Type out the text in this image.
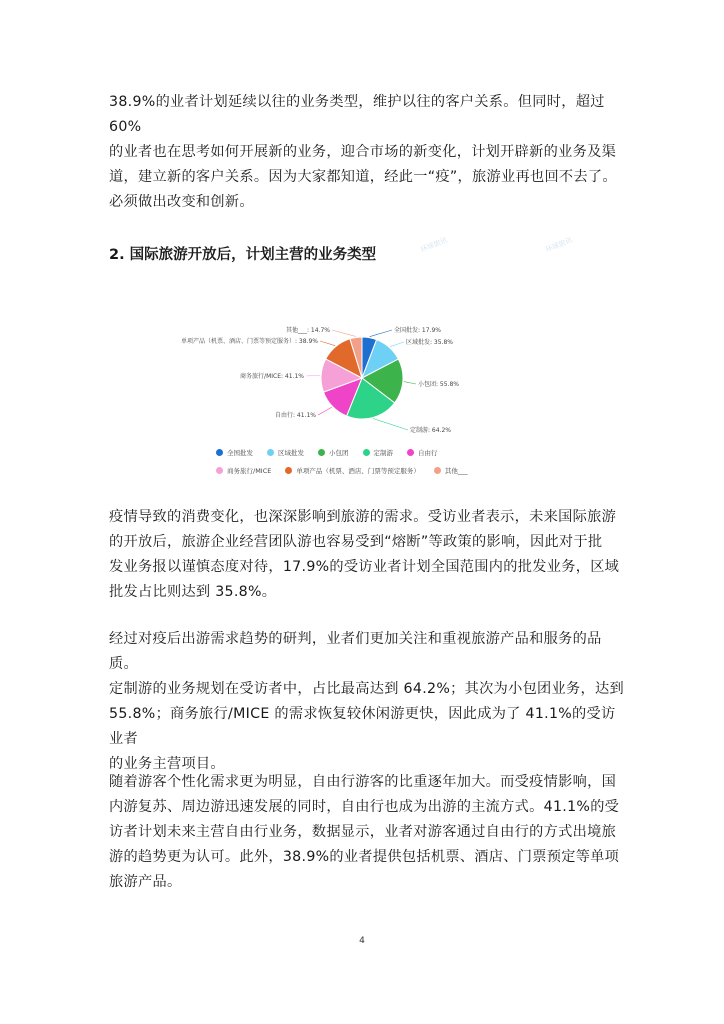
38.9%的业者计划延续以往的业务类型，维护以往的客户关系。但同时，超过 60%
的业者也在思考如何开展新的业务，迎合市场的新变化，计划开辟新的业务及渠
道，建立新的客户关系。因为大家都知道，经此一“疫”，旅游业再也回不去了。
必须做出改变和创新。

2. 国际旅游开放后，计划主营的业务类型
环球旅讯	环球旅讯
全国批发: 17.9%
区域批发: 35.8%
小包团: 55.8%
定制游: 64.2%
自由行: 41.1%
商务旅行/MICE: 41.1%
单项产品（机票、酒店、门票等预定服务）: 38.9%
其他___: 14.7%
全国批发	区域批发	小包团	定制游	自由行
商务旅行/MICE	单项产品（机票、酒店、门票等预定服务）	其他___

疫情导致的消费变化，也深深影响到旅游的需求。受访业者表示，未来国际旅游
的开放后，旅游企业经营团队游也容易受到“熔断”等政策的影响，因此对于批
发业务报以谨慎态度对待，17.9%的受访业者计划全国范围内的批发业务，区域
批发占比则达到 35.8%。

经过对疫后出游需求趋势的研判，业者们更加关注和重视旅游产品和服务的品质。
定制游的业务规划在受访者中，占比最高达到 64.2%；其次为小包团业务，达到
55.8%；商务旅行/MICE 的需求恢复较休闲游更快，因此成为了 41.1%的受访业者
的业务主营项目。

随着游客个性化需求更为明显，自由行游客的比重逐年加大。而受疫情影响，国
内游复苏、周边游迅速发展的同时，自由行也成为出游的主流方式。41.1%的受
访者计划未来主营自由行业务，数据显示，业者对游客通过自由行的方式出境旅
游的趋势更为认可。此外，38.9%的业者提供包括机票、酒店、门票预定等单项
旅游产品。

4
